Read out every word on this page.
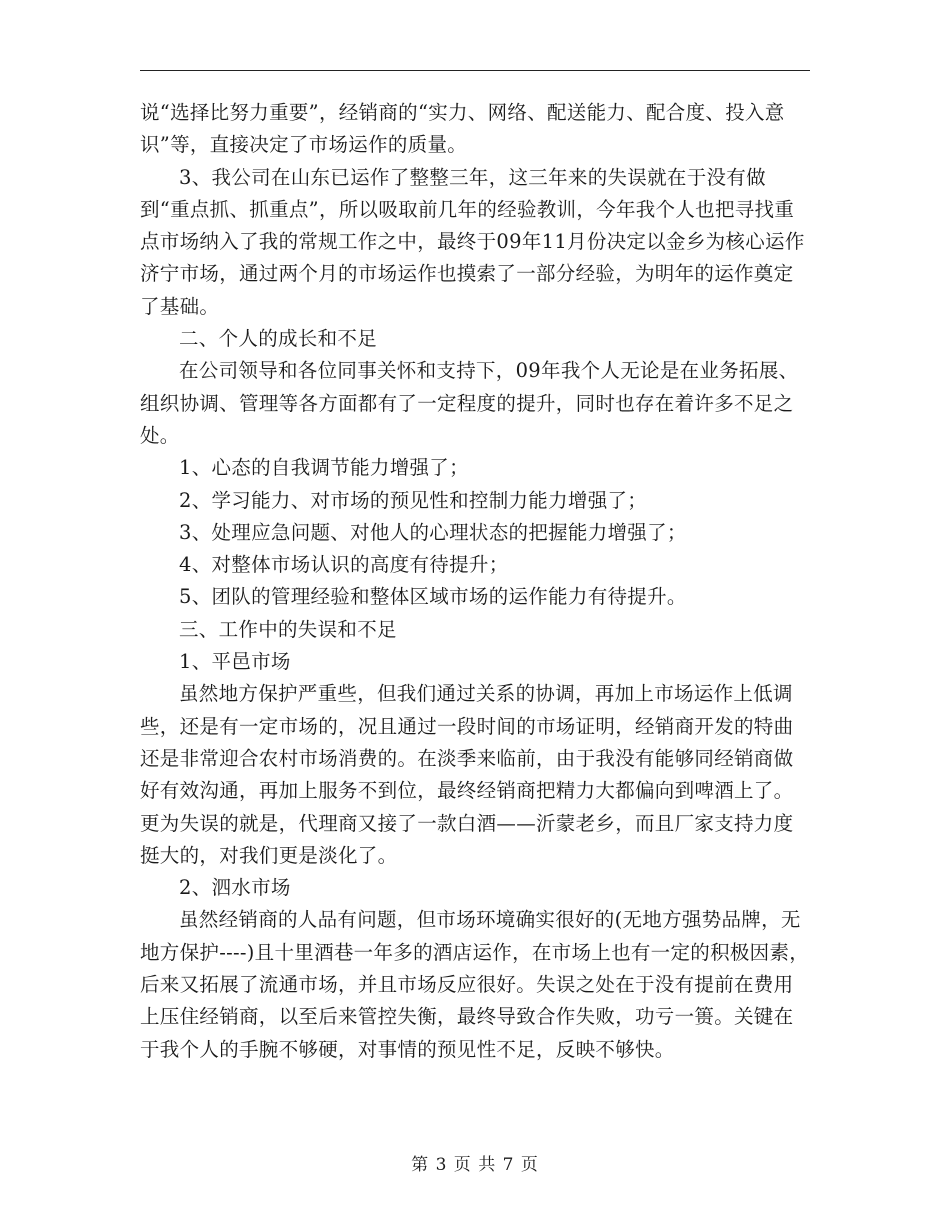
说“选择比努力重要”，经销商的“实力、网络、配送能力、配合度、投入意识”等，直接决定了市场运作的质量。

3、我公司在山东已运作了整整三年，这三年来的失误就在于没有做到“重点抓、抓重点”，所以吸取前几年的经验教训，今年我个人也把寻找重点市场纳入了我的常规工作之中，最终于09年11月份决定以金乡为核心运作济宁市场，通过两个月的市场运作也摸索了一部分经验，为明年的运作奠定了基础。

二、个人的成长和不足

在公司领导和各位同事关怀和支持下，09年我个人无论是在业务拓展、组织协调、管理等各方面都有了一定程度的提升，同时也存在着许多不足之处。

1、心态的自我调节能力增强了；

2、学习能力、对市场的预见性和控制力能力增强了；

3、处理应急问题、对他人的心理状态的把握能力增强了；

4、对整体市场认识的高度有待提升；

5、团队的管理经验和整体区域市场的运作能力有待提升。

三、工作中的失误和不足

1、平邑市场

虽然地方保护严重些，但我们通过关系的协调，再加上市场运作上低调些，还是有一定市场的，况且通过一段时间的市场证明，经销商开发的特曲还是非常迎合农村市场消费的。在淡季来临前，由于我没有能够同经销商做好有效沟通，再加上服务不到位，最终经销商把精力大都偏向到啤酒上了。更为失误的就是，代理商又接了一款白酒——沂蒙老乡，而且厂家支持力度挺大的，对我们更是淡化了。

2、泗水市场

虽然经销商的人品有问题，但市场环境确实很好的(无地方强势品牌，无地方保护----)且十里酒巷一年多的酒店运作，在市场上也有一定的积极因素，后来又拓展了流通市场，并且市场反应很好。失误之处在于没有提前在费用上压住经销商，以至后来管控失衡，最终导致合作失败，功亏一篑。关键在于我个人的手腕不够硬，对事情的预见性不足，反映不够快。

第 3 页 共 7 页
